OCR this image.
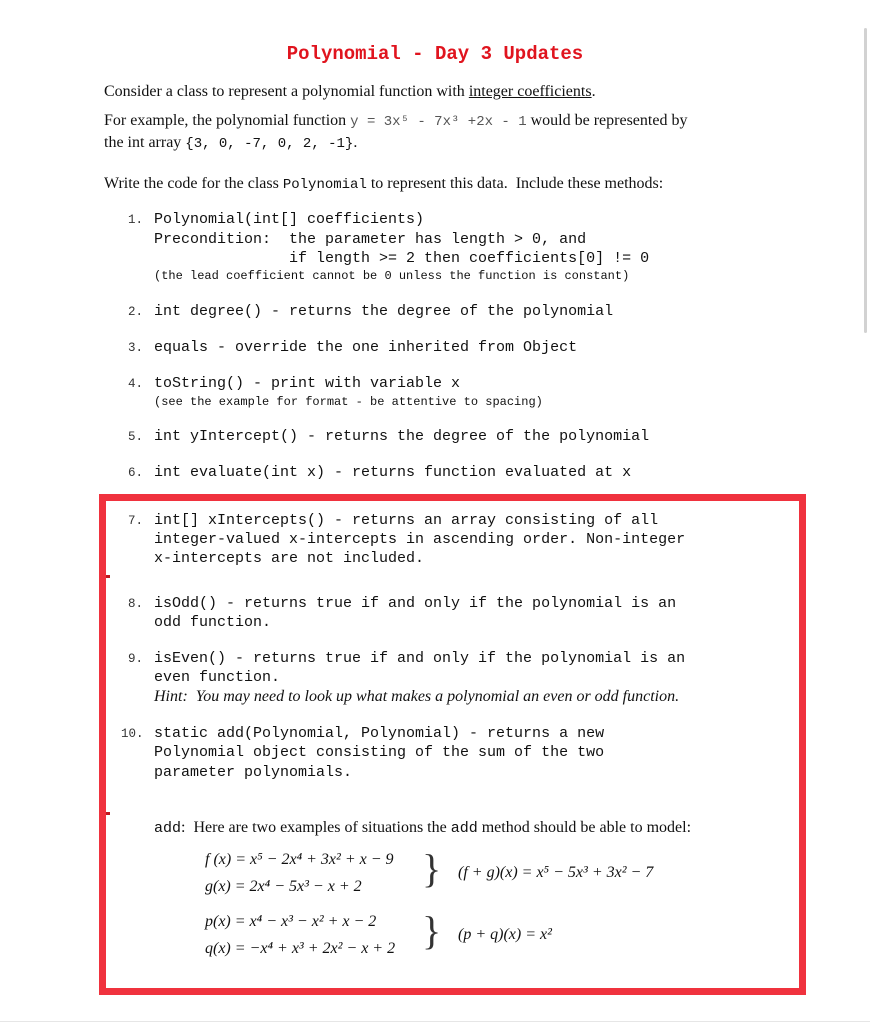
Polynomial - Day 3 Updates
Consider a class to represent a polynomial function with integer coefficients.
For example, the polynomial function y = 3x⁵ - 7x³ +2x - 1 would be represented by
the int array {3, 0, -7, 0, 2, -1}.
Write the code for the class Polynomial to represent this data.  Include these methods:
1. Polynomial(int[] coefficients)
Precondition:  the parameter has length > 0, and
if length >= 2 then coefficients[0] != 0
(the lead coefficient cannot be 0 unless the function is constant)
2. int degree() - returns the degree of the polynomial
3. equals - override the one inherited from Object
4. toString() - print with variable x
(see the example for format - be attentive to spacing)
5. int yIntercept() - returns the degree of the polynomial
6. int evaluate(int x) - returns function evaluated at x
7. int[] xIntercepts() - returns an array consisting of all
integer-valued x-intercepts in ascending order. Non-integer
x-intercepts are not included.
8. isOdd() - returns true if and only if the polynomial is an
odd function.
9. isEven() - returns true if and only if the polynomial is an
even function.
Hint:  You may need to look up what makes a polynomial an even or odd function.
10. static add(Polynomial, Polynomial) - returns a new
Polynomial object consisting of the sum of the two
parameter polynomials.
add:  Here are two examples of situations the add method should be able to model:
f (x) = x⁵ − 2x⁴ + 3x² + x − 9
g(x) = 2x⁴ − 5x³ − x + 2 } (f + g)(x) = x⁵ − 5x³ + 3x² − 7
p(x) = x⁴ − x³ − x² + x − 2
q(x) = −x⁴ + x³ + 2x² − x + 2 } (p + q)(x) = x²
